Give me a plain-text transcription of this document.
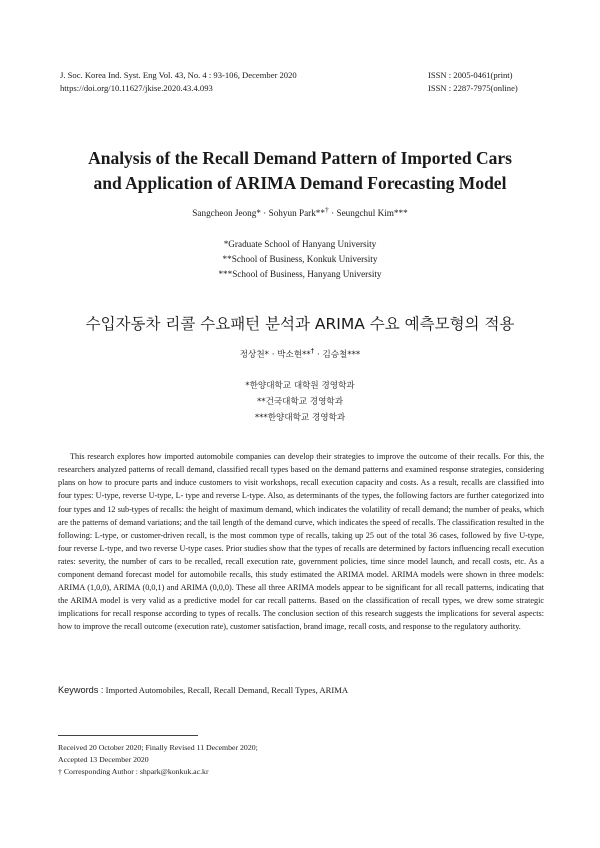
J. Soc. Korea Ind. Syst. Eng Vol. 43, No. 4 : 93-106, December 2020
https://doi.org/10.11627/jkise.2020.43.4.093
ISSN : 2005-0461(print)
ISSN : 2287-7975(online)
Analysis of the Recall Demand Pattern of Imported Cars
and Application of ARIMA Demand Forecasting Model
Sangcheon Jeong* · Sohyun Park**† · Seungchul Kim***
*Graduate School of Hanyang University
**School of Business, Konkuk University
***School of Business, Hanyang University
수입자동차 리콜 수요패턴 분석과 ARIMA 수요 예측모형의 적용
정상천* · 박소현**† · 김승철***
*한양대학교 대학원 경영학과
**건국대학교 경영학과
***한양대학교 경영학과

This research explores how imported automobile companies can develop their strategies to improve the outcome of their recalls. For this, the researchers analyzed patterns of recall demand, classified recall types based on the demand patterns and examined response strategies, considering plans on how to procure parts and induce customers to visit workshops, recall execution capacity and costs. As a result, recalls are classified into four types: U-type, reverse U-type, L- type and reverse L-type. Also, as determinants of the types, the following factors are further categorized into four types and 12 sub-types of recalls: the height of maximum demand, which indicates the volatility of recall demand; the number of peaks, which are the patterns of demand variations; and the tail length of the demand curve, which indicates the speed of recalls. The classification resulted in the following: L-type, or customer-driven recall, is the most common type of recalls, taking up 25 out of the total 36 cases, followed by five U-type, four reverse L-type, and two reverse U-type cases. Prior studies show that the types of recalls are determined by factors influencing recall execution rates: severity, the number of cars to be recalled, recall execution rate, government policies, time since model launch, and recall costs, etc. As a component demand forecast model for automobile recalls, this study estimated the ARIMA model. ARIMA models were shown in three models: ARIMA (1,0,0), ARIMA (0,0,1) and ARIMA (0,0,0). These all three ARIMA models appear to be significant for all recall patterns, indicating that the ARIMA model is very valid as a predictive model for car recall patterns. Based on the classification of recall types, we drew some strategic implications for recall response according to types of recalls. The conclusion section of this research suggests the implications for several aspects: how to improve the recall outcome (execution rate), customer satisfaction, brand image, recall costs, and response to the regulatory authority.

Keywords : Imported Automobiles, Recall, Recall Demand, Recall Types, ARIMA
Received 20 October 2020; Finally Revised 11 December 2020;
Accepted 13 December 2020
† Corresponding Author : shpark@konkuk.ac.kr
